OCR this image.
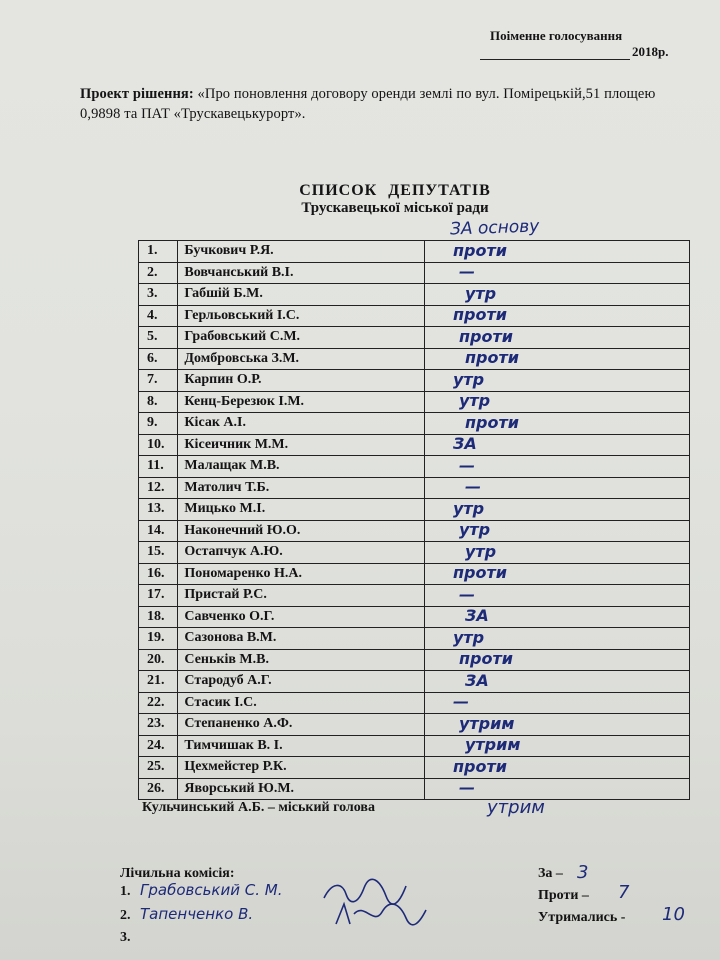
Поіменне голосування
2018р.
Проект рішення: «Про поновлення договору оренди землі по вул. Помірецькій,51 площею 0,9898 та ПАТ «Трускавецькурорт».
СПИСОК ДЕПУТАТІВ
Трускавецької міської ради
ЗА основу
1.	Бучкович Р.Я.	проти
2.	Вовчанський В.І.	—
3.	Габшій Б.М.	утр
4.	Герльовський І.С.	проти
5.	Грабовський С.М.	проти
6.	Домбровська З.М.	проти
7.	Карпин О.Р.	утр
8.	Кенц-Березюк І.М.	утр
9.	Кісак А.І.	проти
10.	Кісеичник М.М.	ЗА
11.	Малащак М.В.	—
12.	Матолич Т.Б.	—
13.	Мицько М.І.	утр
14.	Наконечний Ю.О.	утр
15.	Остапчук А.Ю.	утр
16.	Пономаренко Н.А.	проти
17.	Пристай Р.С.	—
18.	Савченко О.Г.	ЗА
19.	Сазонова В.М.	утр
20.	Сеньків М.В.	проти
21.	Стародуб А.Г.	ЗА
22.	Стасик І.С.	—
23.	Степаненко А.Ф.	утрим
24.	Тимчишак В. І.	утрим
25.	Цехмейстер Р.К.	проти
26.	Яворський Ю.М.	—
Кульчинський А.Б. – міський голова	утрим
Лічильна комісія:
1. Грабовський С. М.
2. Тапенченко В.
3.
За – 3
Проти – 7
Утримались - 10
